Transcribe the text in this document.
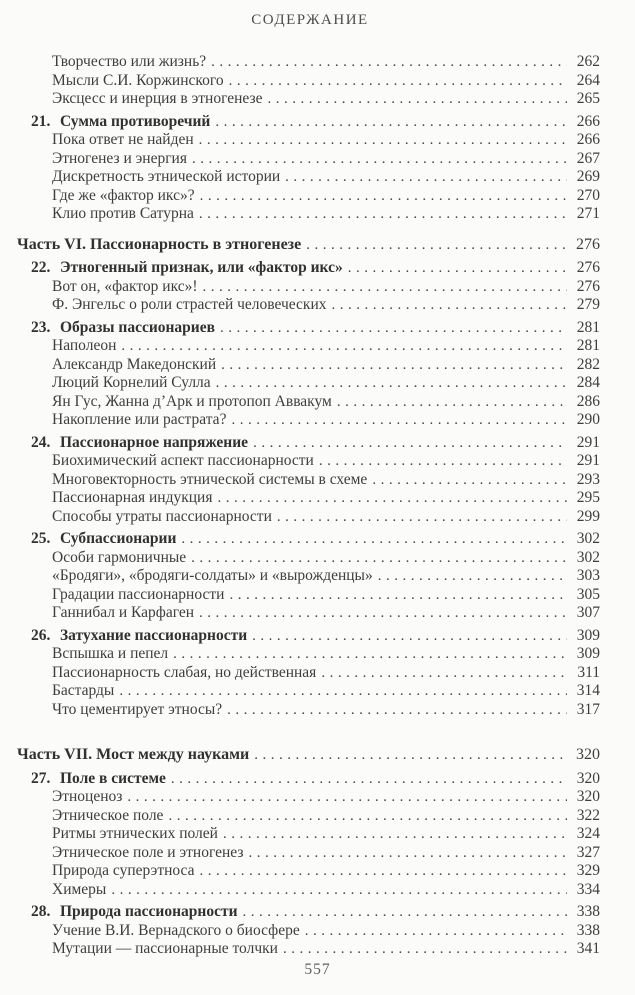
СОДЕРЖАНИЕ
Творчество или жизнь? .....	262
Мысли С.И. Коржинского .....	264
Эксцесс и инерция в этногенезе .....	265
21. Сумма противоречий .....	266
Пока ответ не найден .....	266
Этногенез и энергия .....	267
Дискретность этнической истории .....	269
Где же «фактор икс»? .....	270
Клио против Сатурна .....	271
Часть VI. Пассионарность в этногенезе .....	276
22. Этногенный признак, или «фактор икс» .....	276
Вот он, «фактор икс»! .....	276
Ф. Энгельс о роли страстей человеческих .....	279
23. Образы пассионариев .....	281
Наполеон .....	281
Александр Македонский .....	282
Люций Корнелий Сулла .....	284
Ян Гус, Жанна д’Арк и протопоп Аввакум .....	286
Накопление или растрата? .....	290
24. Пассионарное напряжение .....	291
Биохимический аспект пассионарности .....	291
Многовекторность этнической системы в схеме .....	293
Пассионарная индукция .....	295
Способы утраты пассионарности .....	299
25. Субпассионарии .....	302
Особи гармоничные .....	302
«Бродяги», «бродяги-солдаты» и «вырожденцы» .....	303
Градации пассионарности .....	305
Ганнибал и Карфаген .....	307
26. Затухание пассионарности .....	309
Вспышка и пепел .....	309
Пассионарность слабая, но действенная .....	311
Бастарды .....	314
Что цементирует этносы? .....	317
Часть VII. Мост между науками .....	320
27. Поле в системе .....	320
Этноценоз .....	320
Этническое поле .....	322
Ритмы этнических полей .....	324
Этническое поле и этногенез .....	327
Природа суперэтноса .....	329
Химеры .....	334
28. Природа пассионарности .....	338
Учение В.И. Вернадского о биосфере .....	338
Мутации — пассионарные толчки .....	341
557
